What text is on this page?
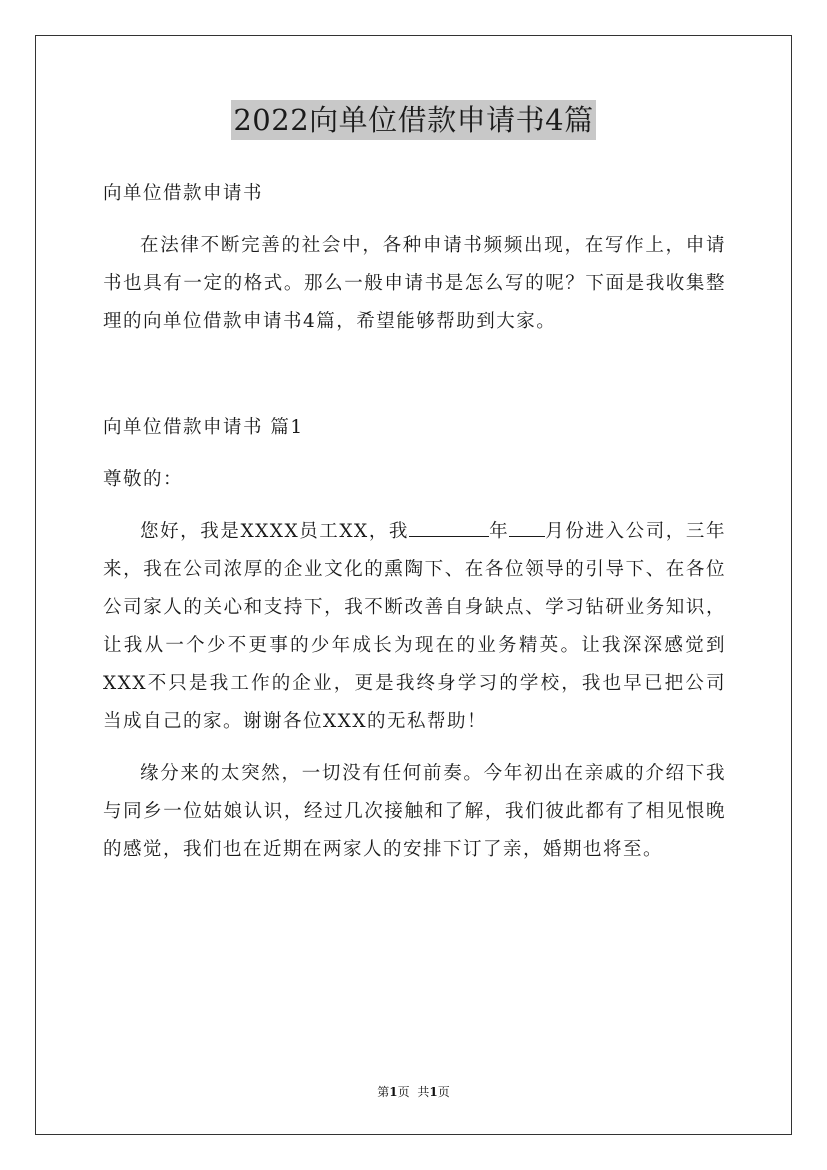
2022向单位借款申请书4篇

向单位借款申请书

在法律不断完善的社会中，各种申请书频频出现，在写作上，申请书也具有一定的格式。那么一般申请书是怎么写的呢？下面是我收集整理的向单位借款申请书4篇，希望能够帮助到大家。

向单位借款申请书 篇1

尊敬的：

您好，我是XXXX员工XX，我	年 月份进入公司，三年来，我在公司浓厚的企业文化的熏陶下、在各位领导的引导下、在各位公司家人的关心和支持下，我不断改善自身缺点、学习钻研业务知识，让我从一个少不更事的少年成长为现在的业务精英。让我深深感觉到XXX不只是我工作的企业，更是我终身学习的学校，我也早已把公司当成自己的家。谢谢各位XXX的无私帮助！

缘分来的太突然，一切没有任何前奏。今年初出在亲戚的介绍下我与同乡一位姑娘认识，经过几次接触和了解，我们彼此都有了相见恨晚的感觉，我们也在近期在两家人的安排下订了亲，婚期也将至。

第1页 共1页
